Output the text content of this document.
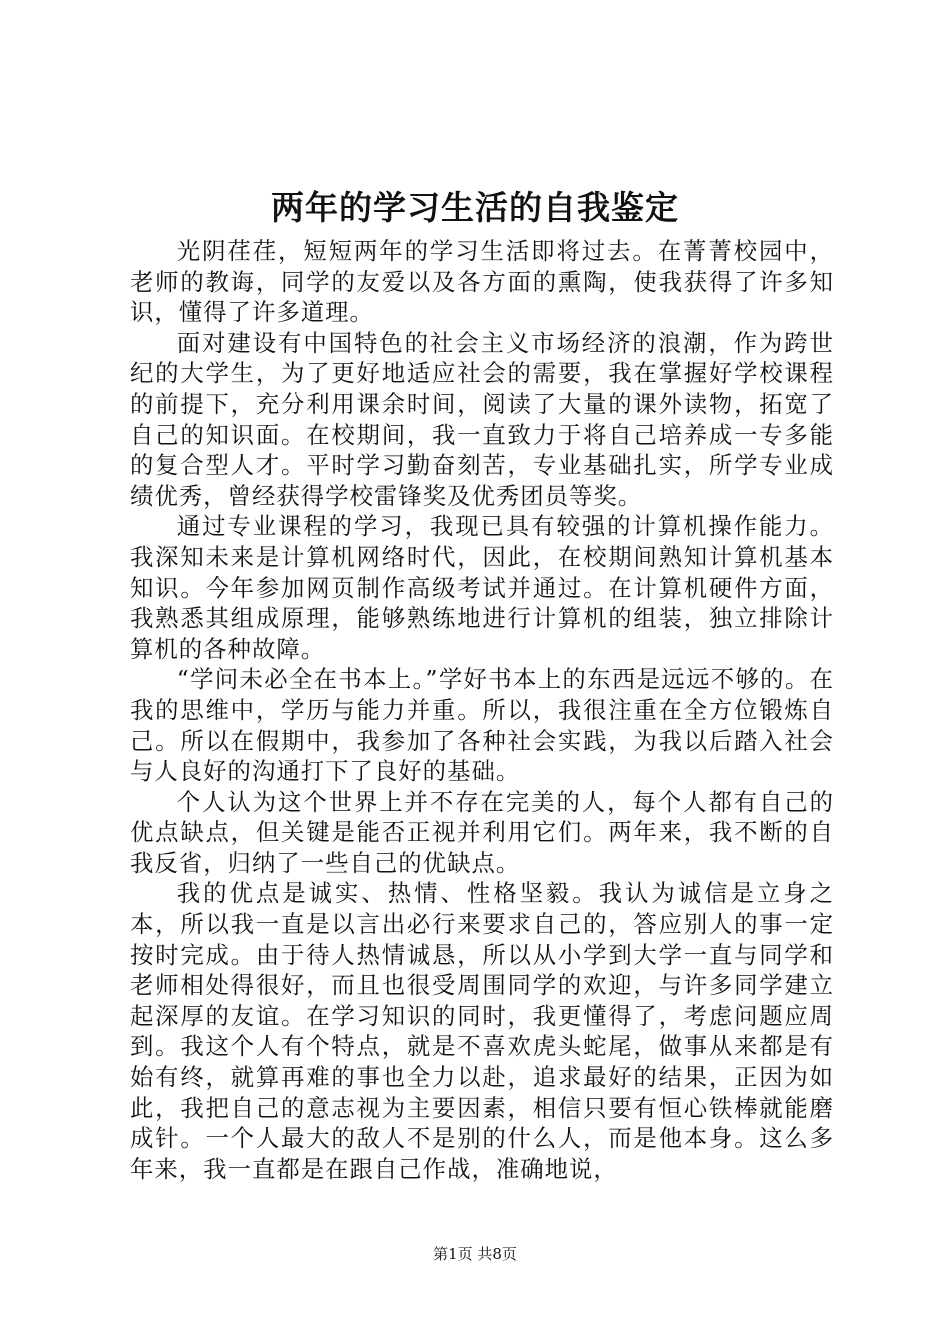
两年的学习生活的自我鉴定

光阴荏荏，短短两年的学习生活即将过去。在菁菁校园中，老师的教诲，同学的友爱以及各方面的熏陶，使我获得了许多知识，懂得了许多道理。

面对建设有中国特色的社会主义市场经济的浪潮，作为跨世纪的大学生，为了更好地适应社会的需要，我在掌握好学校课程的前提下，充分利用课余时间，阅读了大量的课外读物，拓宽了自己的知识面。在校期间，我一直致力于将自己培养成一专多能的复合型人才。平时学习勤奋刻苦，专业基础扎实，所学专业成绩优秀，曾经获得学校雷锋奖及优秀团员等奖。

通过专业课程的学习，我现已具有较强的计算机操作能力。我深知未来是计算机网络时代，因此，在校期间熟知计算机基本知识。今年参加网页制作高级考试并通过。在计算机硬件方面，我熟悉其组成原理，能够熟练地进行计算机的组装，独立排除计算机的各种故障。

“学问未必全在书本上。”学好书本上的东西是远远不够的。在我的思维中，学历与能力并重。所以，我很注重在全方位锻炼自己。所以在假期中，我参加了各种社会实践，为我以后踏入社会与人良好的沟通打下了良好的基础。

个人认为这个世界上并不存在完美的人，每个人都有自己的优点缺点，但关键是能否正视并利用它们。两年来，我不断的自我反省，归纳了一些自己的优缺点。

我的优点是诚实、热情、性格坚毅。我认为诚信是立身之本，所以我一直是以言出必行来要求自己的，答应别人的事一定按时完成。由于待人热情诚恳，所以从小学到大学一直与同学和老师相处得很好，而且也很受周围同学的欢迎，与许多同学建立起深厚的友谊。在学习知识的同时，我更懂得了，考虑问题应周到。我这个人有个特点，就是不喜欢虎头蛇尾，做事从来都是有始有终，就算再难的事也全力以赴，追求最好的结果，正因为如此，我把自己的意志视为主要因素，相信只要有恒心铁棒就能磨成针。一个人最大的敌人不是别的什么人，而是他本身。这么多年来，我一直都是在跟自己作战，准确地说，

第1页 共8页
